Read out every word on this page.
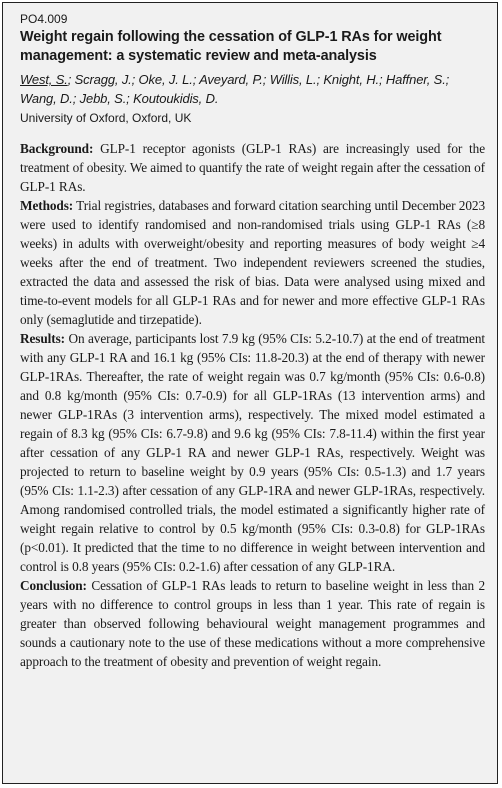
PO4.009
Weight regain following the cessation of GLP-1 RAs for weight management: a systematic review and meta-analysis
West, S.; Scragg, J.; Oke, J. L.; Aveyard, P.; Willis, L.; Knight, H.; Haffner, S.; Wang, D.; Jebb, S.; Koutoukidis, D.
University of Oxford, Oxford, UK

Background: GLP-1 receptor agonists (GLP-1 RAs) are increasingly used for the treatment of obesity. We aimed to quantify the rate of weight regain after the cessation of GLP-1 RAs.

Methods: Trial registries, databases and forward citation searching until December 2023 were used to identify randomised and non-randomised trials using GLP-1 RAs (≥8 weeks) in adults with overweight/obesity and reporting measures of body weight ≥4 weeks after the end of treatment. Two independent reviewers screened the studies, extracted the data and assessed the risk of bias. Data were analysed using mixed and time-to-event models for all GLP-1 RAs and for newer and more effective GLP-1 RAs only (semaglutide and tirzepatide).

Results: On average, participants lost 7.9 kg (95% CIs: 5.2-10.7) at the end of treatment with any GLP-1 RA and 16.1 kg (95% CIs: 11.8-20.3) at the end of therapy with newer GLP-1RAs. Thereafter, the rate of weight regain was 0.7 kg/month (95% CIs: 0.6-0.8) and 0.8 kg/month (95% CIs: 0.7-0.9) for all GLP-1RAs (13 intervention arms) and newer GLP-1RAs (3 intervention arms), respectively. The mixed model estimated a regain of 8.3 kg (95% CIs: 6.7-9.8) and 9.6 kg (95% CIs: 7.8-11.4) within the first year after cessation of any GLP-1 RA and newer GLP-1 RAs, respectively. Weight was projected to return to baseline weight by 0.9 years (95% CIs: 0.5-1.3) and 1.7 years (95% CIs: 1.1-2.3) after cessation of any GLP-1RA and newer GLP-1RAs, respectively. Among randomised controlled trials, the model estimated a significantly higher rate of weight regain relative to control by 0.5 kg/month (95% CIs: 0.3-0.8) for GLP-1RAs (p<0.01). It predicted that the time to no difference in weight between intervention and control is 0.8 years (95% CIs: 0.2-1.6) after cessation of any GLP-1RA.

Conclusion: Cessation of GLP-1 RAs leads to return to baseline weight in less than 2 years with no difference to control groups in less than 1 year. This rate of regain is greater than observed following behavioural weight management programmes and sounds a cautionary note to the use of these medications without a more comprehensive approach to the treatment of obesity and prevention of weight regain.
